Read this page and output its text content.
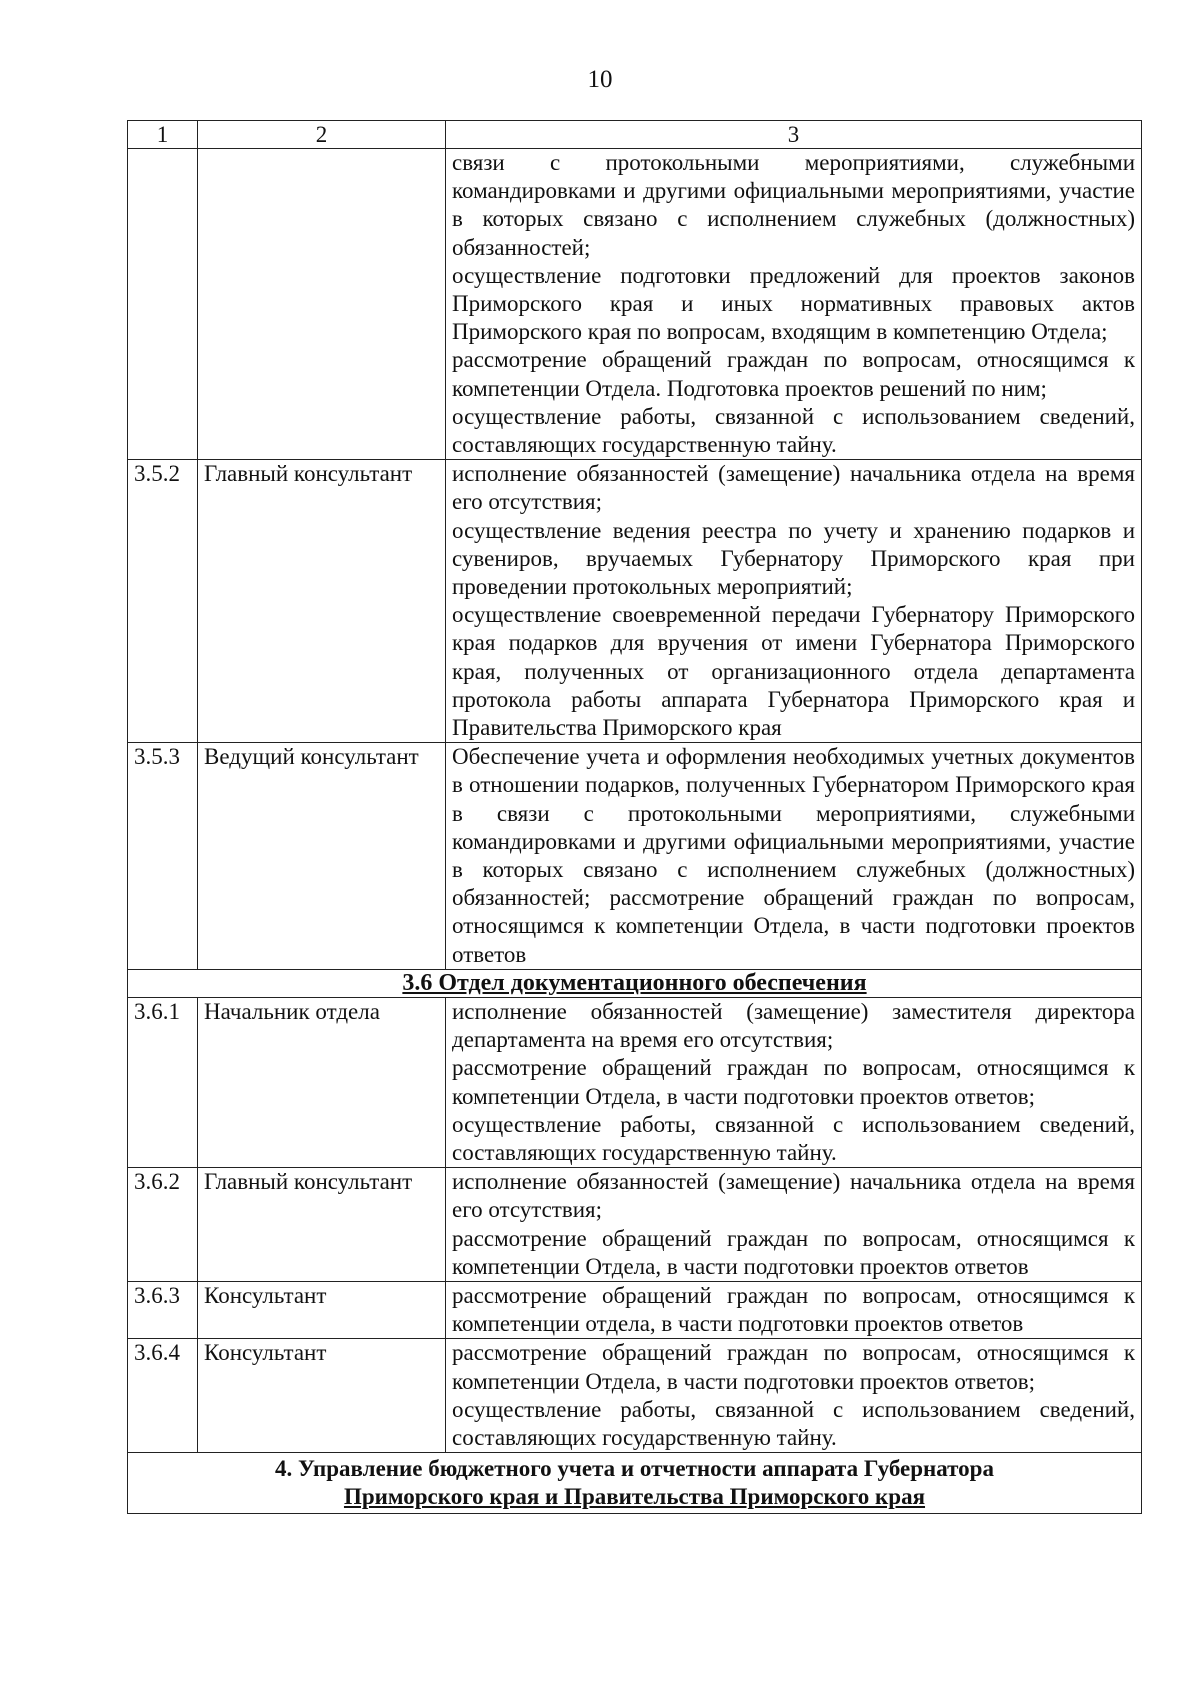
10
1	2	3

		связи с протокольными мероприятиями, служебными командировками и другими официальными мероприятиями, участие в которых связано с исполнением служебных (должностных) обязанностей;
осуществление подготовки предложений для проектов законов Приморского края и иных нормативных правовых актов Приморского края по вопросам, входящим в компетенцию Отдела;
рассмотрение обращений граждан по вопросам, относящимся к компетенции Отдела. Подготовка проектов решений по ним;
осуществление работы, связанной с использованием сведений, составляющих государственную тайну.

3.5.2	Главный консультант	исполнение обязанностей (замещение) начальника отдела на время его отсутствия;
осуществление ведения реестра по учету и хранению подарков и сувениров, вручаемых Губернатору Приморского края при проведении протокольных мероприятий;
осуществление своевременной передачи Губернатору Приморского края подарков для вручения от имени Губернатора Приморского края, полученных от организационного отдела департамента протокола работы аппарата Губернатора Приморского края и Правительства Приморского края

3.5.3	Ведущий консультант	Обеспечение учета и оформления необходимых учетных документов в отношении подарков, полученных Губернатором Приморского края в связи с протокольными мероприятиями, служебными командировками и другими официальными мероприятиями, участие в которых связано с исполнением служебных (должностных) обязанностей; рассмотрение обращений граждан по вопросам, относящимся к компетенции Отдела, в части подготовки проектов ответов

3.6 Отдел документационного обеспечения		
3.6.1	Начальник отдела	исполнение обязанностей (замещение) заместителя директора департамента на время его отсутствия;
рассмотрение обращений граждан по вопросам, относящимся к компетенции Отдела, в части подготовки проектов ответов;
осуществление работы, связанной с использованием сведений, составляющих государственную тайну.

3.6.2	Главный консультант	исполнение обязанностей (замещение) начальника отдела на время его отсутствия;
рассмотрение обращений граждан по вопросам, относящимся к компетенции Отдела, в части подготовки проектов ответов

3.6.3	Консультант	рассмотрение обращений граждан по вопросам, относящимся к компетенции отдела, в части подготовки проектов ответов

3.6.4	Консультант	рассмотрение обращений граждан по вопросам, относящимся к компетенции Отдела, в части подготовки проектов ответов;
осуществление работы, связанной с использованием сведений, составляющих государственную тайну.

4. Управление бюджетного учета и отчетности аппарата Губернатора
Приморского края и Правительства Приморского края		
